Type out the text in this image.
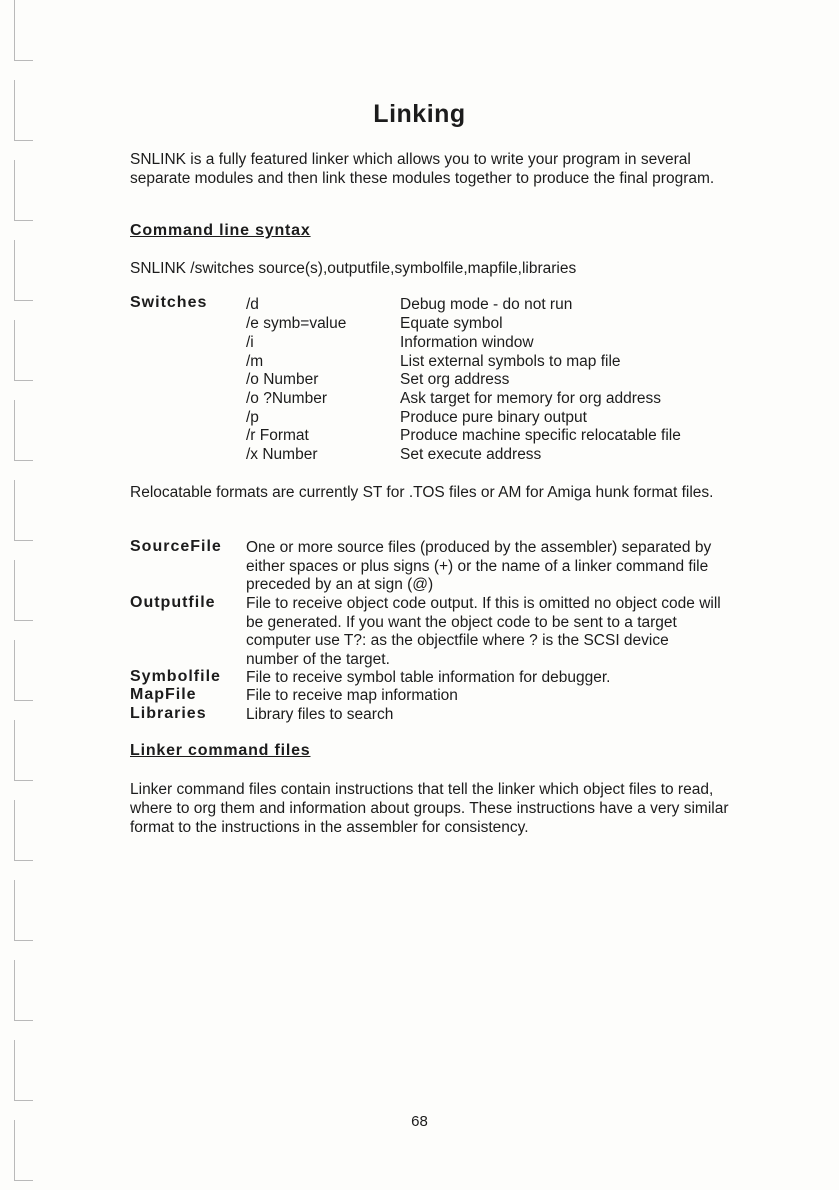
Linking
SNLINK is a fully featured linker which allows you to write your program in several separate modules and then link these modules together to produce the final program.
Command line syntax
SNLINK /switches source(s),outputfile,symbolfile,mapfile,libraries
Switches /d	Debug mode - do not run
/e symb=value	Equate symbol
/i	Information window
/m	List external symbols to map file
/o Number	Set org address
/o ?Number	Ask target for memory for org address
/p	Produce pure binary output
/r Format	Produce machine specific relocatable file
/x Number	Set execute address
Relocatable formats are currently ST for .TOS files or AM for Amiga hunk format files.
SourceFile One or more source files (produced by the assembler) separated by either spaces or plus signs (+) or the name of a linker command file preceded by an at sign (@)
Outputfile File to receive object code output. If this is omitted no object code will be generated. If you want the object code to be sent to a target computer use T?: as the objectfile where ? is the SCSI device number of the target.
Symbolfile File to receive symbol table information for debugger.
MapFile	File to receive map information
Libraries	Library files to search
Linker command files
Linker command files contain instructions that tell the linker which object files to read, where to org them and information about groups. These instructions have a very similar format to the instructions in the assembler for consistency.
68
